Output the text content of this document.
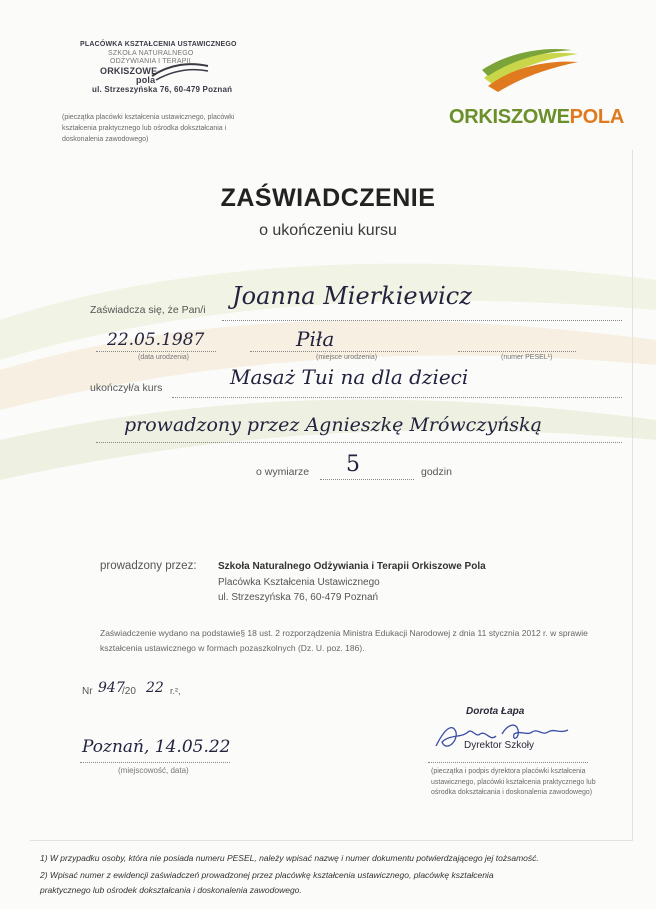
PLACÓWKA KSZTAŁCENIA USTAWICZNEGO
SZKOŁA NATURALNEGO
ODŻYWIANIA I TERAPII
ORKISZOWE
pola
ul. Strzeszyńska 76, 60-479 Poznań
(pieczątka placówki kształcenia ustawicznego, placówki kształcenia praktycznego lub ośrodka dokształcania i doskonalenia zawodowego)
ORKISZOWEPOLA
ZAŚWIADCZENIE
o ukończeniu kursu
Zaświadcza się, że Pan/i Joanna Mierkiewicz
22.05.1987
(data urodzenia)
Piła
(miejsce urodzenia)	(numer PESEL¹)
ukończył/a kurs	Masaż Tui na dla dzieci
prowadzony przez Agnieszkę Mrówczyńską
o wymiarze 5	godzin
prowadzony przez: Szkoła Naturalnego Odżywiania i Terapii Orkiszowe Pola
Placówka Kształcenia Ustawicznego
ul. Strzeszyńska 76, 60-479 Poznań
Zaświadczenie wydano na podstawie§ 18 ust. 2 rozporządzenia Ministra Edukacji Narodowej z dnia 11 stycznia 2012 r. w sprawie kształcenia ustawicznego w formach pozaszkolnych (Dz. U. poz. 186).
Nr 947
/20 22 r.²,
Poznań, 14.05.22
(miejscowość, data)
Dorota Łapa
Dyrektor Szkoły
(pieczątka i podpis dyrektora placówki kształcenia ustawicznego, placówki kształcenia praktycznego lub ośrodka dokształcania i doskonalenia zawodowego)
1) W przypadku osoby, która nie posiada numeru PESEL, należy wpisać nazwę i numer dokumentu potwierdzającego jej tożsamość.
2) Wpisać numer z ewidencji zaświadczeń prowadzonej przez placówkę kształcenia ustawicznego, placówkę kształcenia
praktycznego lub ośrodek dokształcania i doskonalenia zawodowego.
